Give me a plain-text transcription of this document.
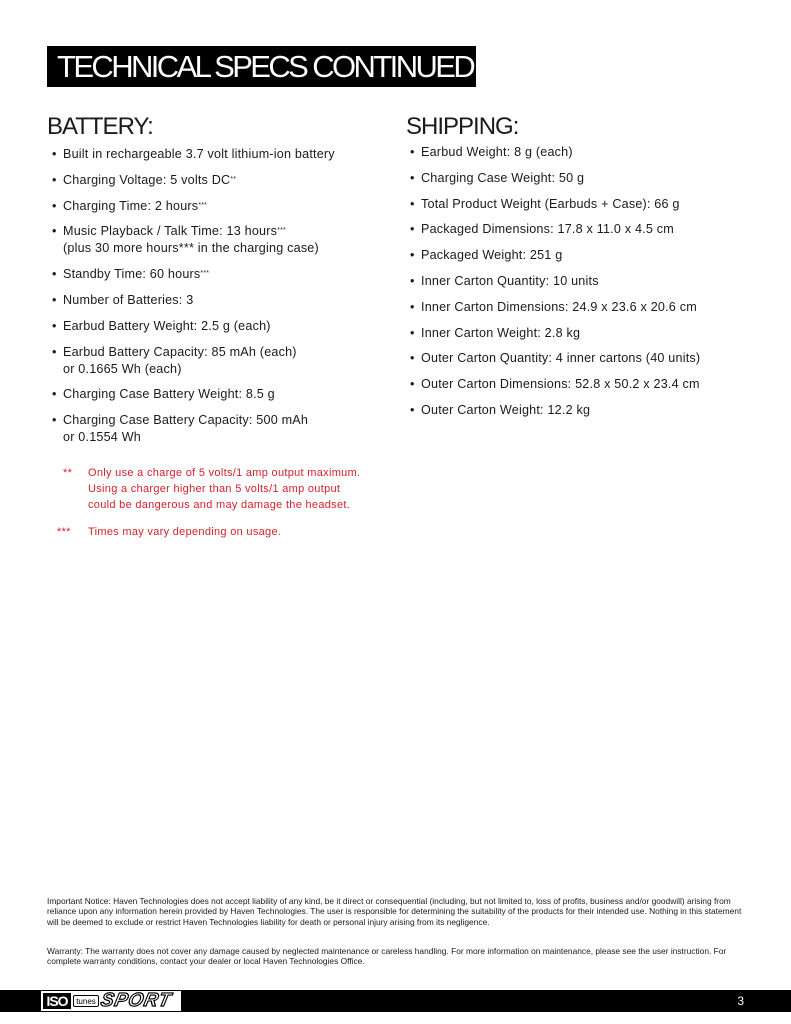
TECHNICAL SPECS CONTINUED
BATTERY:
• Built in rechargeable 3.7 volt lithium-ion battery
• Charging Voltage: 5 volts DC**
• Charging Time: 2 hours***
• Music Playback / Talk Time: 13 hours***
(plus 30 more hours*** in the charging case)
• Standby Time: 60 hours***
• Number of Batteries: 3
• Earbud Battery Weight: 2.5 g (each)
• Earbud Battery Capacity: 85 mAh (each)
or 0.1665 Wh (each)
• Charging Case Battery Weight: 8.5 g
• Charging Case Battery Capacity: 500 mAh
or 0.1554 Wh
SHIPPING:
• Earbud Weight: 8 g (each)
• Charging Case Weight: 50 g
• Total Product Weight (Earbuds + Case): 66 g
• Packaged Dimensions: 17.8 x 11.0 x 4.5 cm
• Packaged Weight: 251 g
• Inner Carton Quantity: 10 units
• Inner Carton Dimensions: 24.9 x 23.6 x 20.6 cm
• Inner Carton Weight: 2.8 kg
• Outer Carton Quantity: 4 inner cartons (40 units)
• Outer Carton Dimensions: 52.8 x 50.2 x 23.4 cm
• Outer Carton Weight: 12.2 kg
** Only use a charge of 5 volts/1 amp output maximum.
Using a charger higher than 5 volts/1 amp output
could be dangerous and may damage the headset.
*** Times may vary depending on usage.
Important Notice: Haven Technologies does not accept liability of any kind, be it direct or consequential (including, but not limited to, loss of profits, business and/or goodwill) arising from reliance upon any information herein provided by Haven Technologies. The user is responsible for determining the suitability of the products for their intended use. Nothing in this statement will be deemed to exclude or restrict Haven Technologies liability for death or personal injury arising from its negligence.
Warranty: The warranty does not cover any damage caused by neglected maintenance or careless handling. For more information on maintenance, please see the user instruction. For complete warranty conditions, contact your dealer or local Haven Technologies Office.
ISO	tunes SPORT	3
